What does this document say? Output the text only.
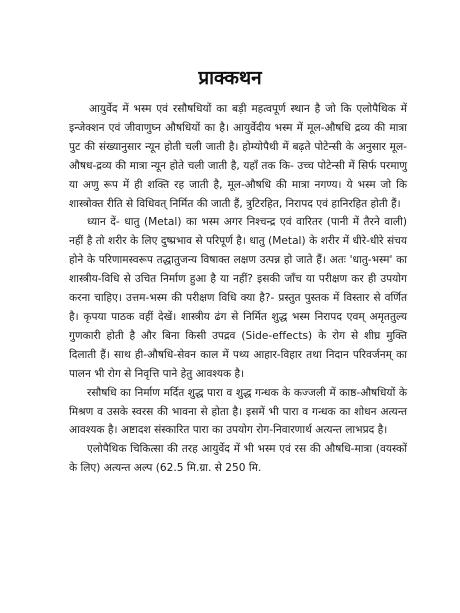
प्राक्कथन

आयुर्वेद में भस्म एवं रसौषधियों का बड़ी महत्वपूर्ण स्थान है जो कि एलोपैथिक में इन्जेक्शन एवं जीवाणुघ्न औषधियों का है। आयुर्वेदीय भस्म में मूल-औषधि द्रव्य की मात्रा पुट की संख्यानुसार न्यून होती चली जाती है। होम्योपैथी में बढ़ते पोटेन्सी के अनुसार मूल-औषध-द्रव्य की मात्रा न्यून होते चली जाती है, यहाँ तक कि- उच्च पोटेन्सी में सिर्फ परमाणु या अणु रूप में ही शक्ति रह जाती है, मूल-औषधि की मात्रा नगण्य। ये भस्म जो कि शास्त्रोक्त रीति से विधिवत् निर्मित की जाती हैं, त्रुटिरहित, निरापद एवं हानिरहित होती हैं।

ध्यान दें- धातु (Metal) का भस्म अगर निश्चन्द्र एवं वारितर (पानी में तैरने वाली) नहीं है तो शरीर के लिए दुष्प्रभाव से परिपूर्ण है। धातु (Metal) के शरीर में धीरे-धीरे संचय होने के परिणामस्वरूप तद्धातुजन्य विषाक्त लक्षण उत्पन्न हो जाते हैं। अतः 'धातु-भस्म' का शास्त्रीय-विधि से उचित निर्माण हुआ है या नहीं? इसकी जाँच या परीक्षण कर ही उपयोग करना चाहिए। उत्तम-भस्म की परीक्षण विधि क्या है?- प्रस्तुत पुस्तक में विस्तार से वर्णित है। कृपया पाठक वहीं देखें। शास्त्रीय ढंग से निर्मित शुद्ध भस्म निरापद एवम् अमृततुल्य गुणकारी होती है और बिना किसी उपद्रव (Side-effects) के रोग से शीघ्र मुक्ति दिलाती हैं। साथ ही-औषधि-सेवन काल में पथ्य आहार-विहार तथा निदान परिवर्जनम् का पालन भी रोग से निवृत्ति पाने हेतु आवश्यक है।

रसौषधि का निर्माण मर्दित शुद्ध पारा व शुद्ध गन्धक के कज्जली में काष्ठ-औषधियों के मिश्रण व उसके स्वरस की भावना से होता है। इसमें भी पारा व गन्धक का शोधन अत्यन्त आवश्यक है। अष्टादश संस्कारित पारा का उपयोग रोग-निवारणार्थ अत्यन्त लाभप्रद है।

एलोपैथिक चिकित्सा की तरह आयुर्वेद में भी भस्म एवं रस की औषधि-मात्रा (वयस्कों के लिए) अत्यन्त अल्प (62.5 मि.ग्रा. से 250 मि.
